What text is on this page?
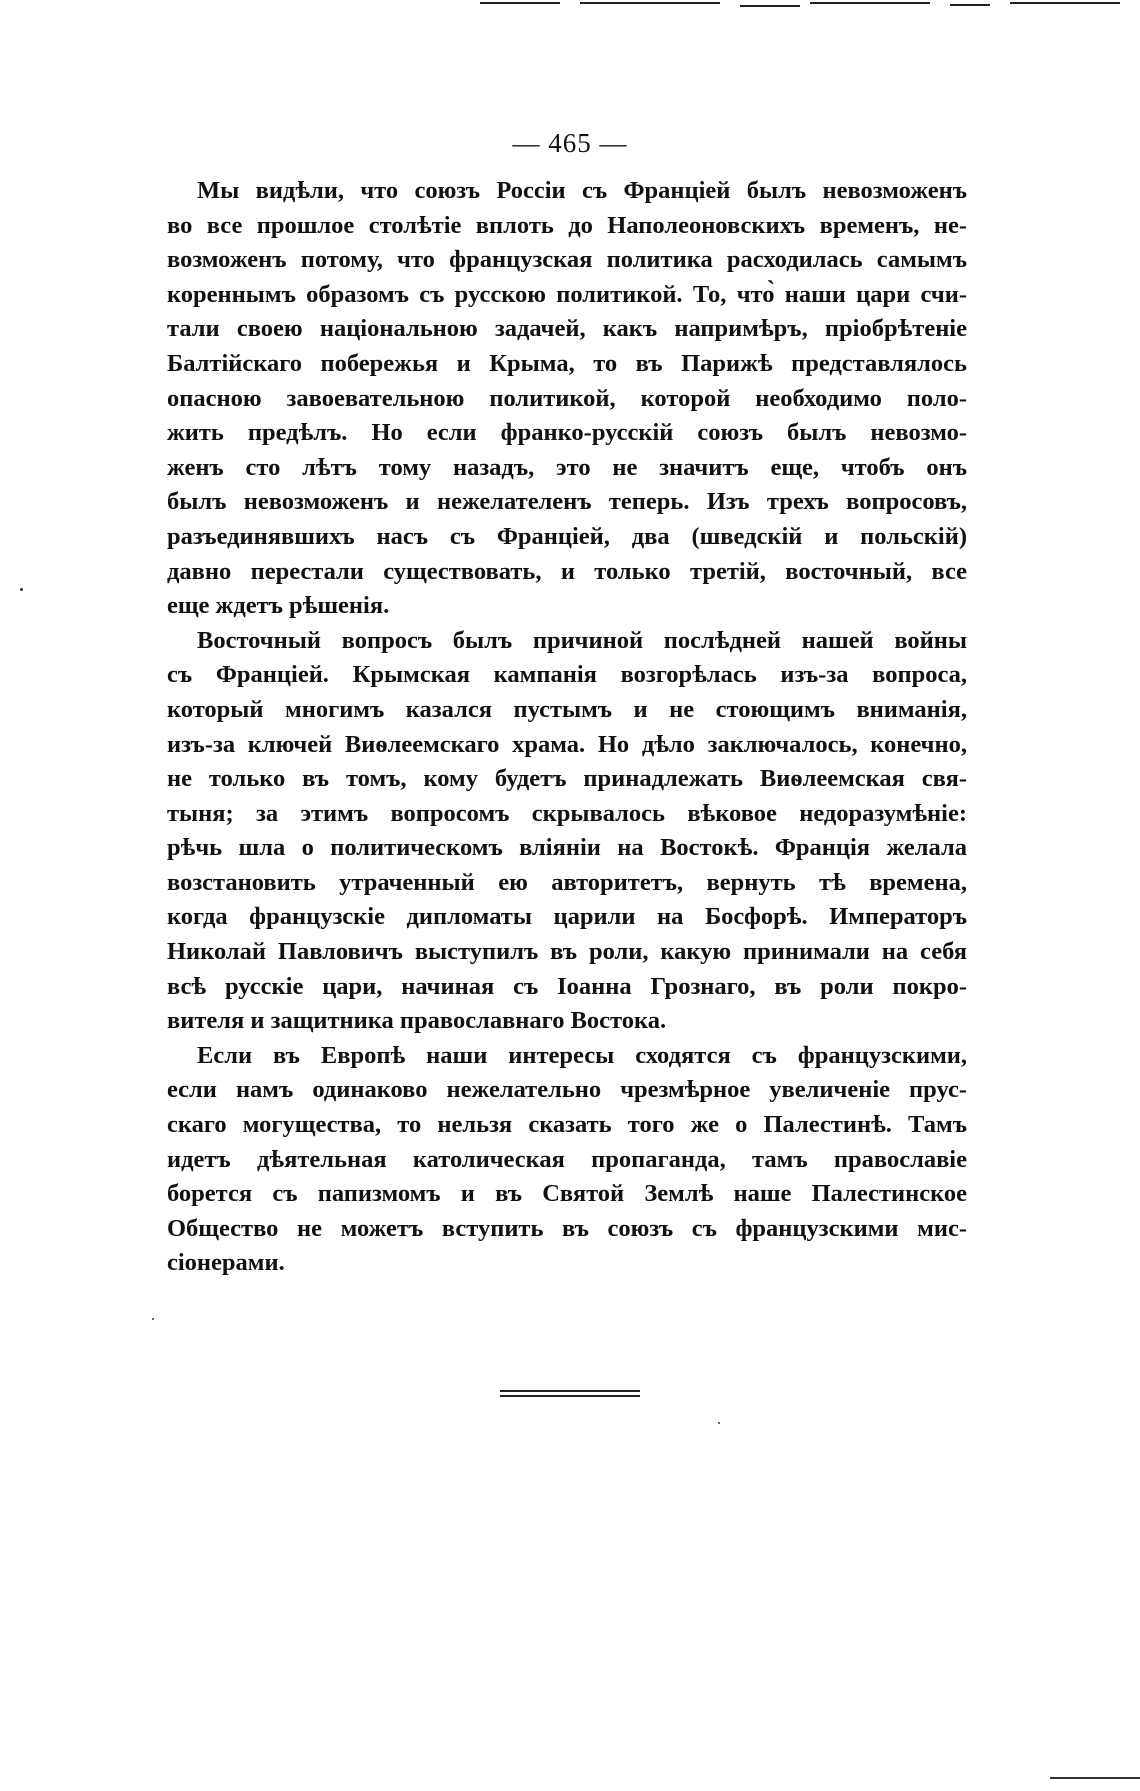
— 465 —
Мы видѣли, что союзъ Россіи съ Франціей былъ невозможенъ
во все прошлое столѣтіе вплоть до Наполеоновскихъ временъ, не-
возможенъ потому, что французская политика расходилась самымъ
кореннымъ образомъ съ русскою политикой. То, что̀ наши цари счи-
тали своею національною задачей, какъ напримѣръ, пріобрѣтеніе
Балтійскаго побережья и Крыма, то въ Парижѣ представлялось
опасною завоевательною политикой, которой необходимо поло-
жить предѣлъ. Но если франко-русскій союзъ былъ невозмо-
женъ сто лѣтъ тому назадъ, это не значитъ еще, чтобъ онъ
былъ невозможенъ и нежелателенъ теперь. Изъ трехъ вопросовъ,
разъединявшихъ насъ съ Франціей, два (шведскій и польскій)
давно перестали существовать, и только третій, восточный, все
еще ждетъ рѣшенія.
Восточный вопросъ былъ причиной послѣдней нашей войны
съ Франціей. Крымская кампанія возгорѣлась изъ-за вопроса,
который многимъ казался пустымъ и не стоющимъ вниманія,
изъ-за ключей Виѳлеемскаго храма. Но дѣло заключалось, конечно,
не только въ томъ, кому будетъ принадлежать Виѳлеемская свя-
тыня; за этимъ вопросомъ скрывалось вѣковое недоразумѣніе:
рѣчь шла о политическомъ вліяніи на Востокѣ. Франція желала
возстановить утраченный ею авторитетъ, вернуть тѣ времена,
когда французскіе дипломаты царили на Босфорѣ. Императоръ
Николай Павловичъ выступилъ въ роли, какую принимали на себя
всѣ русскіе цари, начиная съ Іоанна Грознаго, въ роли покро-
вителя и защитника православнаго Востока.
Если въ Европѣ наши интересы сходятся съ французскими,
если намъ одинаково нежелательно чрезмѣрное увеличеніе прус-
скаго могущества, то нельзя сказать того же о Палестинѣ. Тамъ
идетъ дѣятельная католическая пропаганда, тамъ православіе
борется съ папизмомъ и въ Святой Землѣ наше Палестинское
Общество не можетъ вступить въ союзъ съ французскими мис-
сіонерами.
